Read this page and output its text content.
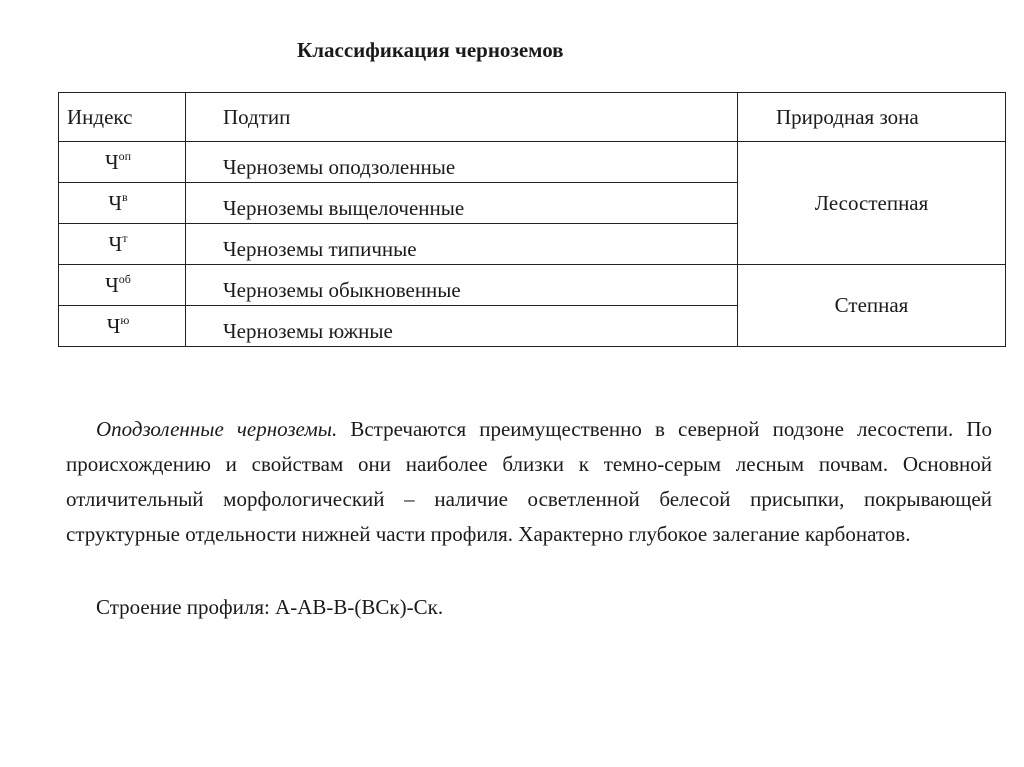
Классификация черноземов
Индекс	Подтип	Природная зона
$Ч^{оп}$	Черноземы оподзоленные	Лесостепная
$Ч^в$	Черноземы выщелоченные	
$Ч^т$	Черноземы типичные	
$Ч^{об}$	Черноземы обыкновенные	Степная
$Ч^ю$	Черноземы южные	

Оподзоленные черноземы. Встречаются преимущественно в северной подзоне лесостепи. По происхождению и свойствам они наиболее близки к темно-серым лесным почвам. Основной отличительный морфологический – наличие осветленной белесой присыпки, покрывающей структурные отдельности нижней части профиля. Характерно глубокое залегание карбонатов.

Строение профиля: А-АВ-В-(ВСк)-Ск.
